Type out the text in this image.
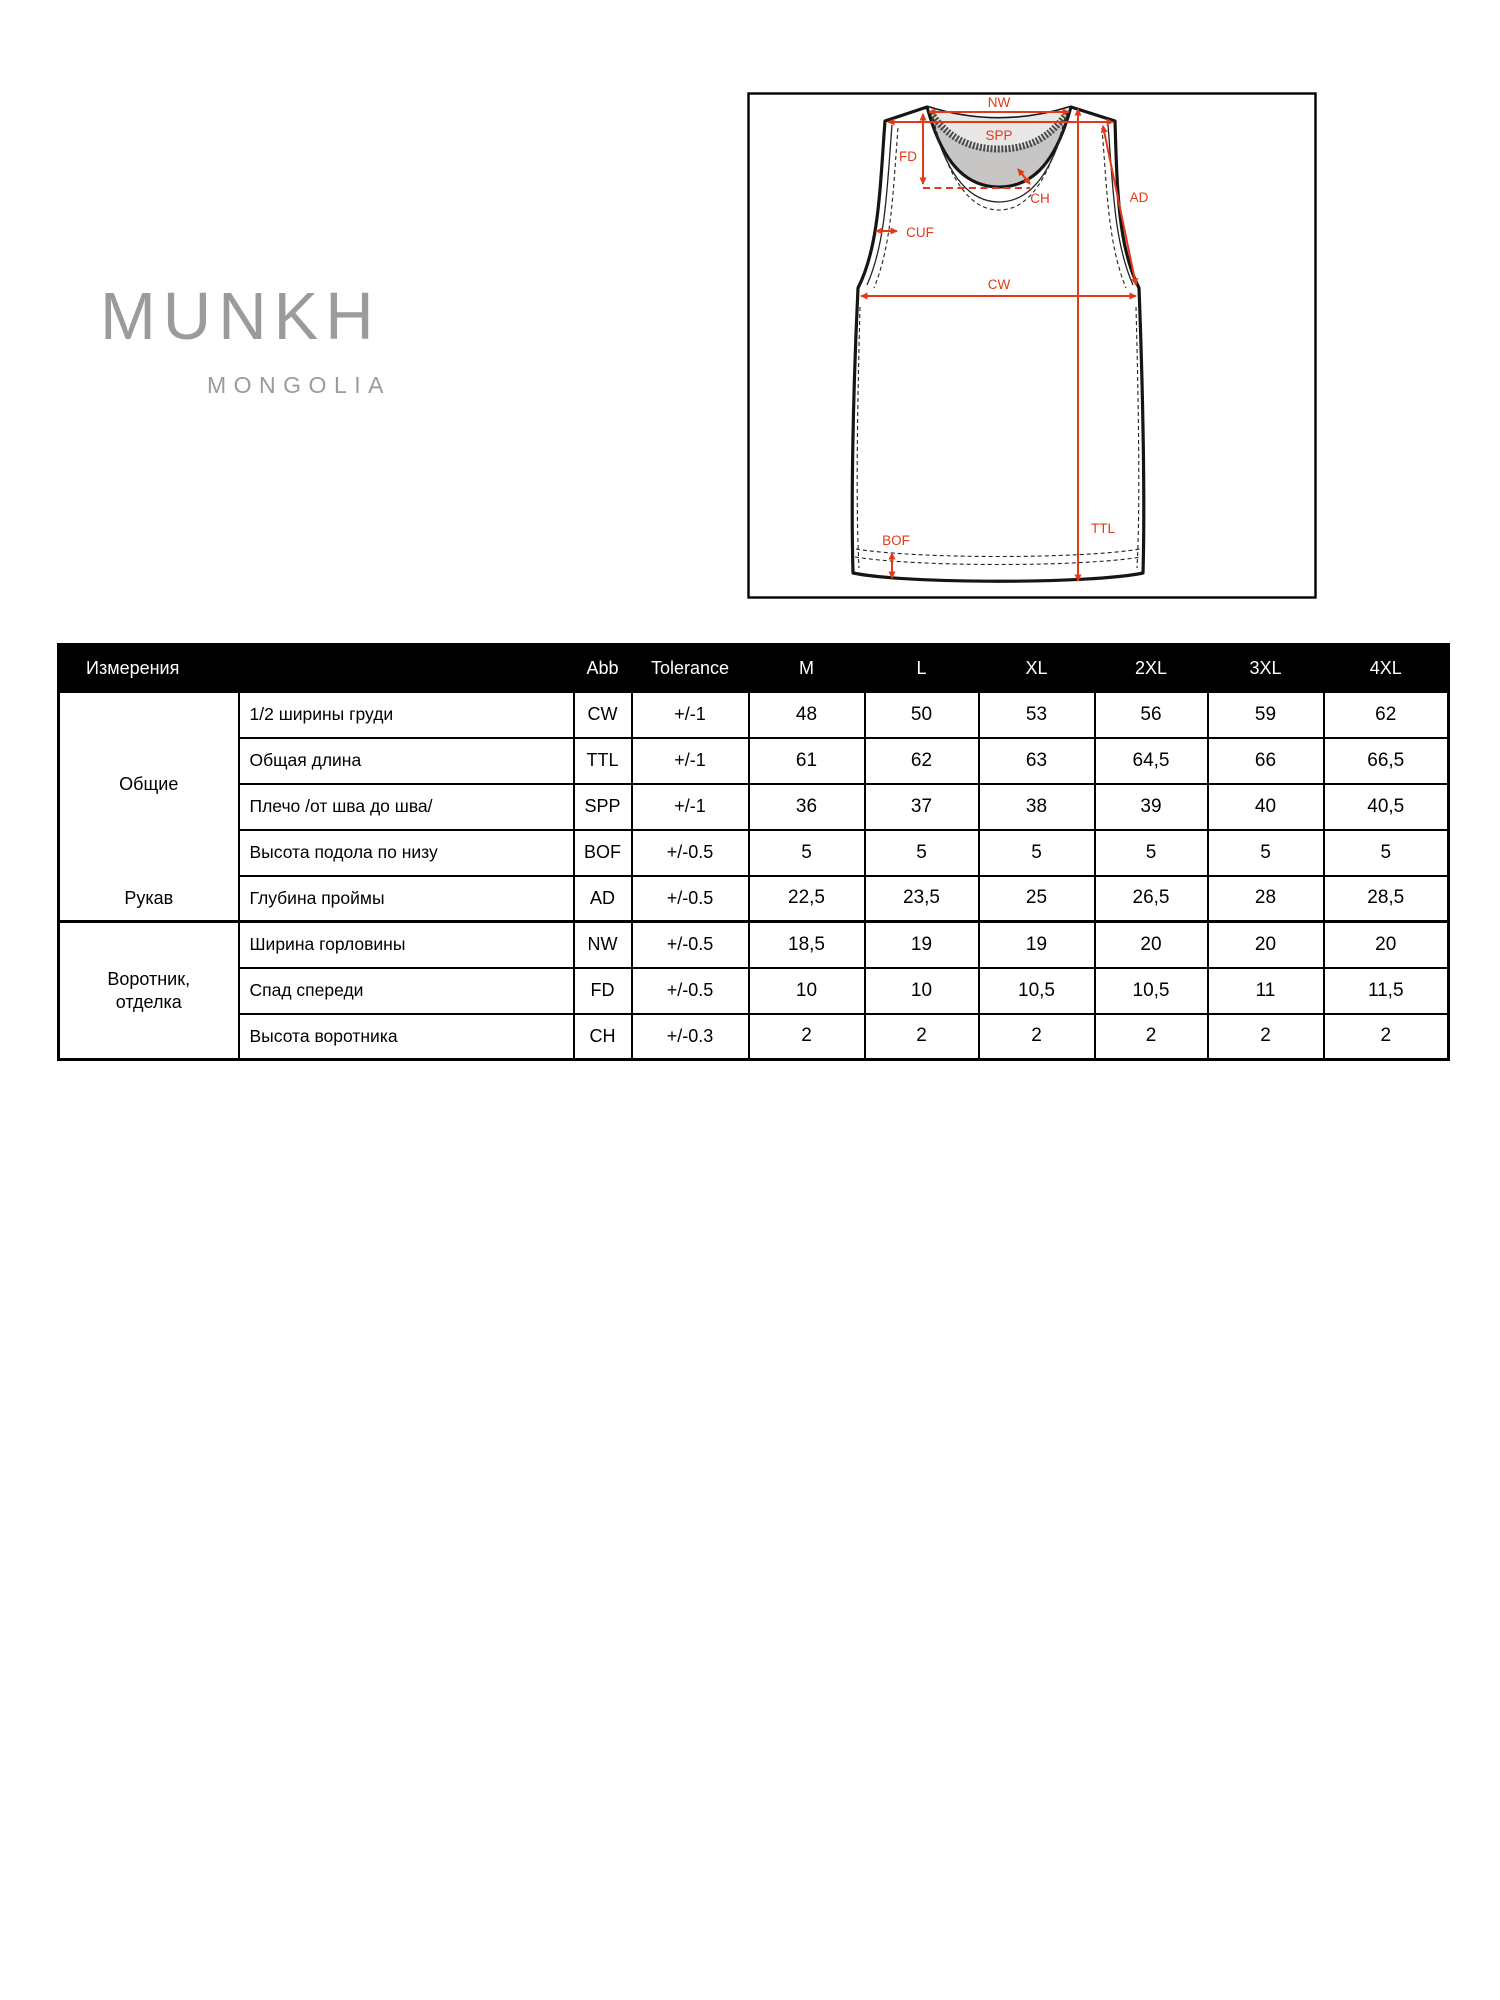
MUNKH
MONGOLIA
NW
SPP
FD
CH	AD
CUF
CW
TTL
BOF
Измерения		Abb	Tolerance	M	L	XL	2XL	3XL	4XL
Общие	1/2 ширины груди	CW	+/-1	48	50	53	56	59	62
	Общая длина	TTL	+/-1	61	62	63	64,5	66	66,5
	Плечо /от шва до шва/	SPP	+/-1	36	37	38	39	40	40,5
	Высота подола по низу	BOF	+/-0.5	5	5	5	5	5	5
Рукав	Глубина проймы	AD	+/-0.5	22,5	23,5	25	26,5	28	28,5

Воротник,
отделка	Ширина горловины	NW	+/-0.5	18,5	19	19	20	20	20
	Спад спереди	FD	+/-0.5	10	10	10,5	10,5	11	11,5
	Высота воротника	CH	+/-0.3	2	2	2	2	2	2
